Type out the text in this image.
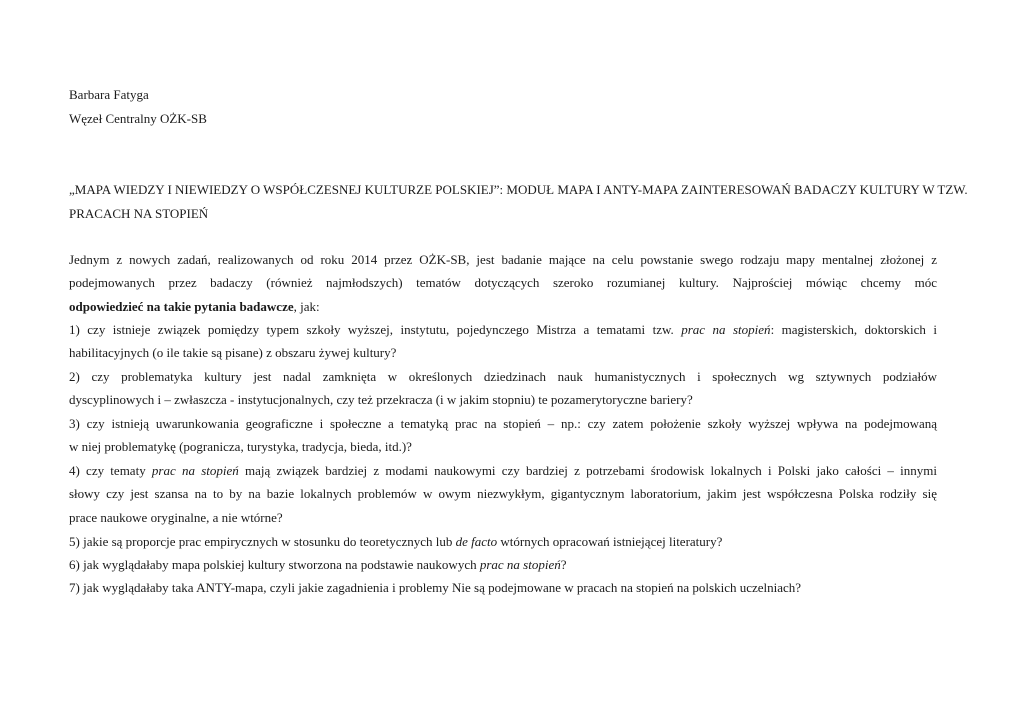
Barbara Fatyga
Węzeł Centralny OŻK-SB
„MAPA WIEDZY I NIEWIEDZY O WSPÓŁCZESNEJ KULTURZE POLSKIEJ”: MODUŁ MAPA I ANTY-MAPA ZAINTERESOWAŃ BADACZY KULTURY W TZW.
PRACACH NA STOPIEŃ
Jednym z nowych zadań, realizowanych od roku 2014 przez OŻK-SB, jest badanie mające na celu powstanie swego rodzaju mapy mentalnej złożonej z
podejmowanych przez badaczy (również najmłodszych) tematów dotyczących szeroko rozumianej kultury. Najprościej mówiąc chcemy móc
odpowiedzieć na takie pytania badawcze, jak:
1) czy istnieje związek pomiędzy typem szkoły wyższej, instytutu, pojedynczego Mistrza a tematami tzw. prac na stopień: magisterskich, doktorskich i
habilitacyjnych (o ile takie są pisane) z obszaru żywej kultury?
2) czy problematyka kultury jest nadal zamknięta w określonych dziedzinach nauk humanistycznych i społecznych wg sztywnych podziałów
dyscyplinowych i – zwłaszcza - instytucjonalnych, czy też przekracza (i w jakim stopniu) te pozamerytoryczne bariery?
3) czy istnieją uwarunkowania geograficzne i społeczne a tematyką prac na stopień – np.: czy zatem położenie szkoły wyższej wpływa na podejmowaną
w niej problematykę (pogranicza, turystyka, tradycja, bieda, itd.)?
4) czy tematy prac na stopień mają związek bardziej z modami naukowymi czy bardziej z potrzebami środowisk lokalnych i Polski jako całości – innymi
słowy czy jest szansa na to by na bazie lokalnych problemów w owym niezwykłym, gigantycznym laboratorium, jakim jest współczesna Polska rodziły się
prace naukowe oryginalne, a nie wtórne?
5) jakie są proporcje prac empirycznych w stosunku do teoretycznych lub de facto wtórnych opracowań istniejącej literatury?
6) jak wyglądałaby mapa polskiej kultury stworzona na podstawie naukowych prac na stopień?
7) jak wyglądałaby taka ANTY-mapa, czyli jakie zagadnienia i problemy Nie są podejmowane w pracach na stopień na polskich uczelniach?
